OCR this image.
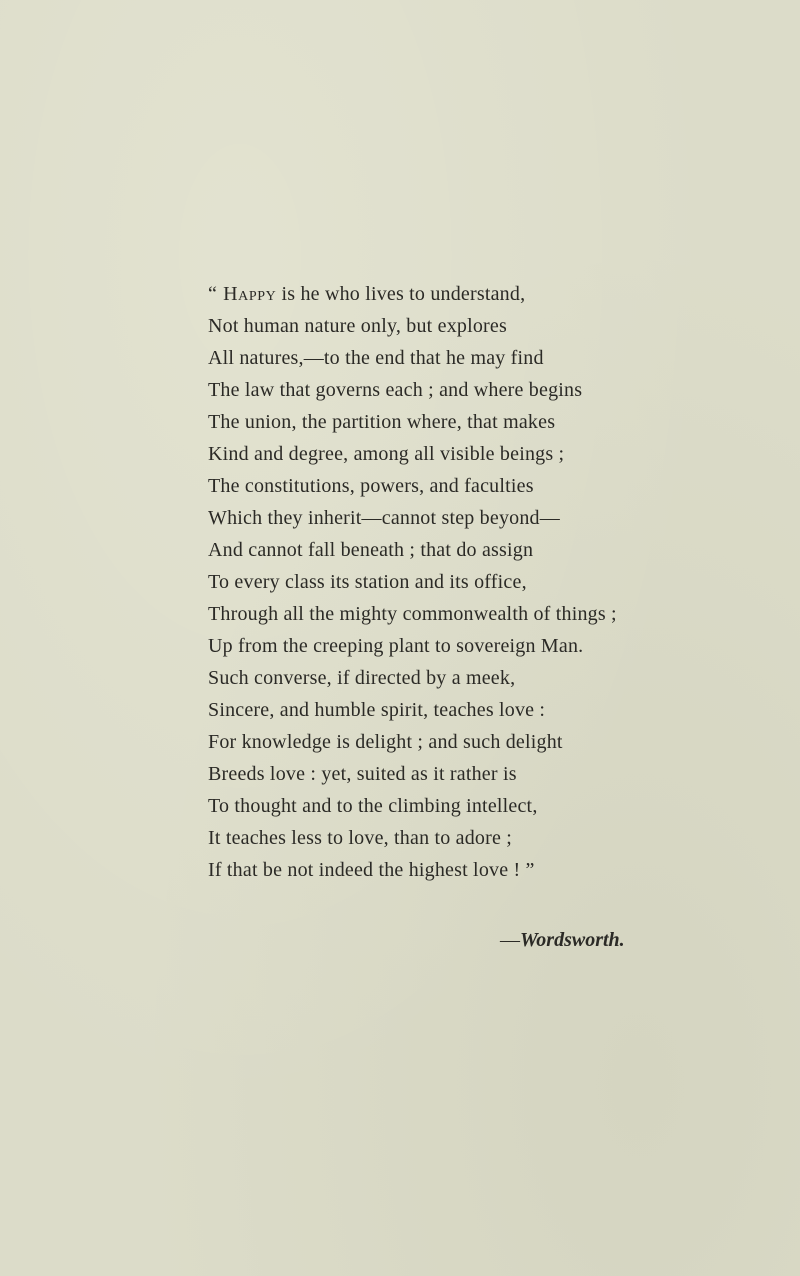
“ Happy is he who lives to understand,
Not human nature only, but explores
All natures,—to the end that he may find
The law that governs each ; and where begins
The union, the partition where, that makes
Kind and degree, among all visible beings ;
The constitutions, powers, and faculties
Which they inherit—cannot step beyond—
And cannot fall beneath ; that do assign
To every class its station and its office,
Through all the mighty commonwealth of things ;
Up from the creeping plant to sovereign Man.
Such converse, if directed by a meek,
Sincere, and humble spirit, teaches love :
For knowledge is delight ; and such delight
Breeds love : yet, suited as it rather is
To thought and to the climbing intellect,
It teaches less to love, than to adore ;
If that be not indeed the highest love ! ”
—Wordsworth.
